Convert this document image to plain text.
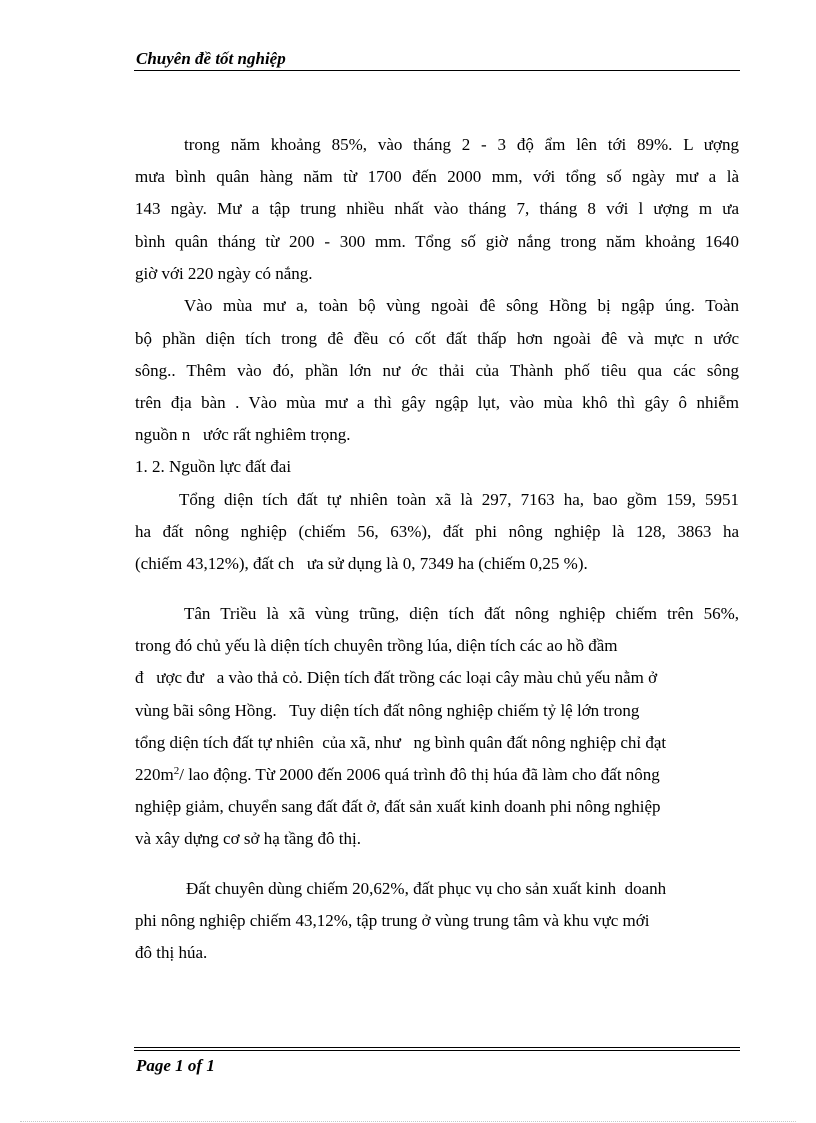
Chuyên đề tốt nghiệp
trong năm khoảng 85%, vào tháng 2 - 3 độ ẩm lên tới 89%. L ượng
mưa bình quân hàng năm từ 1700 đến 2000 mm, với tổng số ngày mư a là
143 ngày. Mư a tập trung nhiều nhất vào tháng 7, tháng 8 với l ượng m ưa
bình quân tháng từ 200 - 300 mm. Tổng số giờ nắng trong năm khoảng 1640
giờ với 220 ngày có nắng.
Vào mùa mư a, toàn bộ vùng ngoài đê sông Hồng bị ngập úng. Toàn
bộ phần diện tích trong đê đều có cốt đất thấp hơn ngoài đê và mực n ước
sông.. Thêm vào đó, phần lớn nư ớc thải của Thành phố tiêu qua các sông
trên địa bàn . Vào mùa mư a thì gây ngập lụt, vào mùa khô thì gây ô nhiễm
nguồn n   ước rất nghiêm trọng.
1. 2. Nguồn lực đất đai
Tổng diện tích đất tự nhiên toàn xã là 297, 7163 ha, bao gồm 159, 5951
ha đất nông nghiệp (chiếm 56, 63%), đất phi nông nghiệp là 128, 3863 ha
(chiếm 43,12%), đất ch   ưa sử dụng là 0, 7349 ha (chiếm 0,25 %).
Tân Triều là xã vùng trũng, diện tích đất nông nghiệp chiếm trên 56%,
trong đó chủ yếu là diện tích chuyên trồng lúa, diện tích các ao hồ đầm
đ   ược đư   a vào thả cỏ. Diện tích đất trồng các loại cây màu chủ yếu nằm ở
vùng bãi sông Hồng.   Tuy diện tích đất nông nghiệp chiếm tỷ lệ lớn trong
tổng diện tích đất tự nhiên  của xã, như   ng bình quân đất nông nghiệp chỉ đạt
$220m^2/$ lao động. Từ 2000 đến 2006 quá trình đô thị húa đã làm cho đất nông
nghiệp giảm, chuyển sang đất đất ở, đất sản xuất kinh doanh phi nông nghiệp
và xây dựng cơ sở hạ tầng đô thị.
Đất chuyên dùng chiếm 20,62%, đất phục vụ cho sản xuất kinh  doanh
phi nông nghiệp chiếm 43,12%, tập trung ở vùng trung tâm và khu vực mới
đô thị húa.
Page 1 of 1
